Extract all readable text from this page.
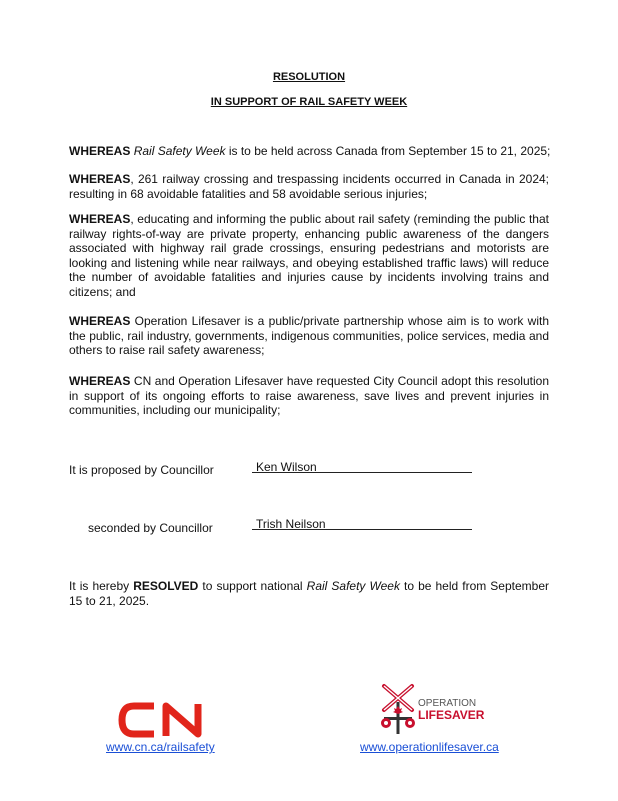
RESOLUTION
IN SUPPORT OF RAIL SAFETY WEEK
WHEREAS Rail Safety Week is to be held across Canada from September 15 to 21, 2025;
WHEREAS, 261 railway crossing and trespassing incidents occurred in Canada in 2024; resulting in 68 avoidable fatalities and 58 avoidable serious injuries;
WHEREAS, educating and informing the public about rail safety (reminding the public that railway rights-of-way are private property, enhancing public awareness of the dangers associated with highway rail grade crossings, ensuring pedestrians and motorists are looking and listening while near railways, and obeying established traffic laws) will reduce the number of avoidable fatalities and injuries cause by incidents involving trains and citizens; and
WHEREAS Operation Lifesaver is a public/private partnership whose aim is to work with the public, rail industry, governments, indigenous communities, police services, media and others to raise rail safety awareness;
WHEREAS CN and Operation Lifesaver have requested City Council adopt this resolution in support of its ongoing efforts to raise awareness, save lives and prevent injuries in communities, including our municipality;
It is proposed by Councillor	Ken Wilson
seconded by Councillor	Trish Neilson
It is hereby RESOLVED to support national Rail Safety Week to be held from September 15 to 21, 2025.
CN
www.cn.ca/railsafety
OPERATION
LIFESAVER
www.operationlifesaver.ca
